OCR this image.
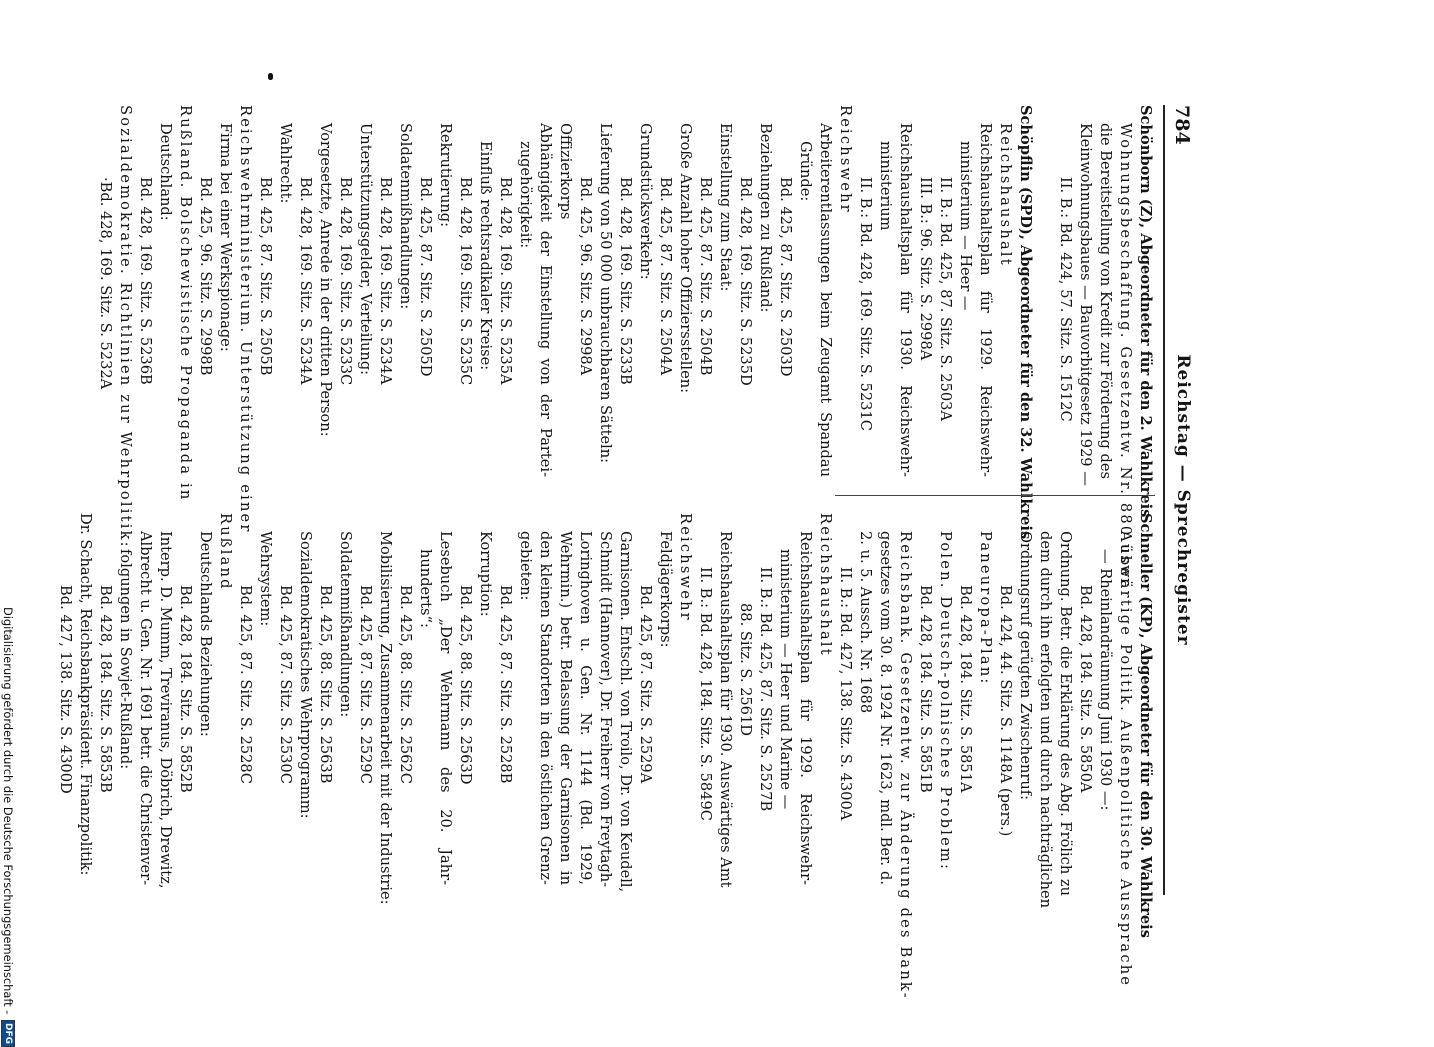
784
Reichstag — Sprechregister
Schönborn (Z), Abgeordneter für den 2. Wahlkreis
Wohnungsbeschaffung. Gesetzentw. Nr. 880 über
die Bereitstellung von Kredit zur Förderung des
Kleinwohnungsbaues — Bauvorbitgesetz 1929 —
II. B.: Bd. 424, 57. Sitz. S. 1512C
Schöpflin (SPD), Abgeordneter für den 32. Wahlkreis
Reichshaushalt
Reichshaushaltsplan für 1929. Reichswehr-
ministerium — Heer —
II. B.: Bd. 425, 87. Sitz. S. 2503A
III. B.: 96. Sitz. S. 2998A
Reichshaushaltsplan für 1930. Reichswehr-
ministerium
II. B.: Bd. 428, 169. Sitz. S. 5231C
Reichswehr
Arbeiterentlassungen beim Zeugamt Spandau
Gründe:
Bd. 425, 87. Sitz. S. 2503D
Beziehungen zu Rußland:
Bd. 428, 169. Sitz. S. 5235D
Einstellung zum Staat:
Bd. 425, 87. Sitz. S. 2504B
Große Anzahl hoher Offiziersstellen:
Bd. 425, 87. Sitz. S. 2504A
Grundstücksverkehr:
Bd. 428, 169. Sitz. S. 5233B
Lieferung von 50 000 unbrauchbaren Sätteln:
Bd. 425, 96. Sitz. S. 2998A
Offizierkorps
Abhängigkeit der Einstellung von der Partei-
zugehörigkeit:
Bd. 428, 169. Sitz. S. 5235A
Einfluß rechtsradikaler Kreise:
Bd. 428, 169. Sitz. S. 5235C
Rekrutierung:
Bd. 425, 87. Sitz. S. 2505D
Soldatenmißhandlungen:
Bd. 428, 169. Sitz. S. 5234A
Unterstützungsgelder, Verteilung:
Bd. 428, 169. Sitz. S. 5233C
Vorgesetzte, Anrede in der dritten Person:
Bd. 428, 169. Sitz. S. 5234A
Wahlrecht:
Bd. 425, 87. Sitz. S. 2505B
Reichswehrministerium. Unterstützung einer
Firma bei einer Werkspionage:
Bd. 425, 96. Sitz. S. 2998B
Rußland. Bolschewistische Propaganda in
Deutschland:
Bd. 428, 169. Sitz. S. 5236B
Sozialdemokratie. Richtlinien zur Wehrpolitik:
·Bd. 428, 169. Sitz. S. 5232A
Schneller (KP), Abgeordneter für den 30. Wahlkreis
Auswärtige Politik. Außenpolitische Aussprache
— Rheinlandräumung Juni 1930 —:
Bd. 428, 184. Sitz. S. 5850A
Ordnung. Betr. die Erklärung des Abg. Frölich zu
dem durch ihn erfolgten und durch nachträglichen
Ordnungsruf gerügten Zwischenruf:
Bd. 424, 44. Sitz. S. 1148A (pers.)
Paneuropa-Plan:
Bd. 428, 184. Sitz. S. 5851A
Polen. Deutsch-polnisches Problem:
Bd. 428, 184. Sitz. S. 5851B
Reichsbank. Gesetzentw. zur Änderung des Bank-
gesetzes vom 30. 8. 1924 Nr. 1623, mdl. Ber. d.
2. u. 5. Aussch. Nr. 1688
II. B.: Bd. 427, 138. Sitz. S. 4300A
Reichshaushalt
Reichshaushaltsplan für 1929. Reichswehr-
ministerium — Heer und Marine —
II. B.: Bd. 425, 87. Sitz. S. 2527B
88. Sitz. S. 2561D
Reichshaushaltsplan für 1930. Auswärtiges Amt
II. B.: Bd. 428, 184. Sitz. S. 5849C
Reichswehr
Feldjägerkorps:
Bd. 425, 87. Sitz. S. 2529A
Garnisonen. Entschl. von Troilo, Dr. von Keudell,
Schmidt (Hannover), Dr. Freiherr von Freytagh-
Loringhoven u. Gen. Nr. 1144 (Bd. 1929,
Wehrmin.) betr. Belassung der Garnisonen in
den kleinen Standorten in den östlichen Grenz-
gebieten:
Bd. 425, 87. Sitz. S. 2528B
Korruption:
Bd. 425, 88. Sitz. S. 2563D
Lesebuch „Der Wehrmann des 20. Jahr-
hunderts“:
Bd. 425, 88. Sitz. S. 2562C
Mobilisierung, Zusammenarbeit mit der Industrie:
Bd. 425, 87. Sitz. S. 2529C
Soldatenmißhandlungen:
Bd. 425, 88. Sitz. S. 2563B
Sozialdemokratisches Wehrprogramm:
Bd. 425, 87. Sitz. S. 2530C
Wehrsystem:
Bd. 425, 87. Sitz. S. 2528C
Rußland
Deutschlands Beziehungen:
Bd. 428, 184. Sitz. S. 5852B
Interp. D. Mumm, Treviranus, Döbrich, Drewitz,
Albrecht u. Gen. Nr. 1691 betr. die Christenver-
folgungen in Sowjet-Rußland:
Bd. 428, 184. Sitz. S. 5853B
Dr. Schacht, Reichsbankpräsident. Finanzpolitik:
Bd. 427, 138. Sitz. S. 4300D
Digitalisierung gefördert durch die Deutsche Forschungsgemeinschaft - DFG
